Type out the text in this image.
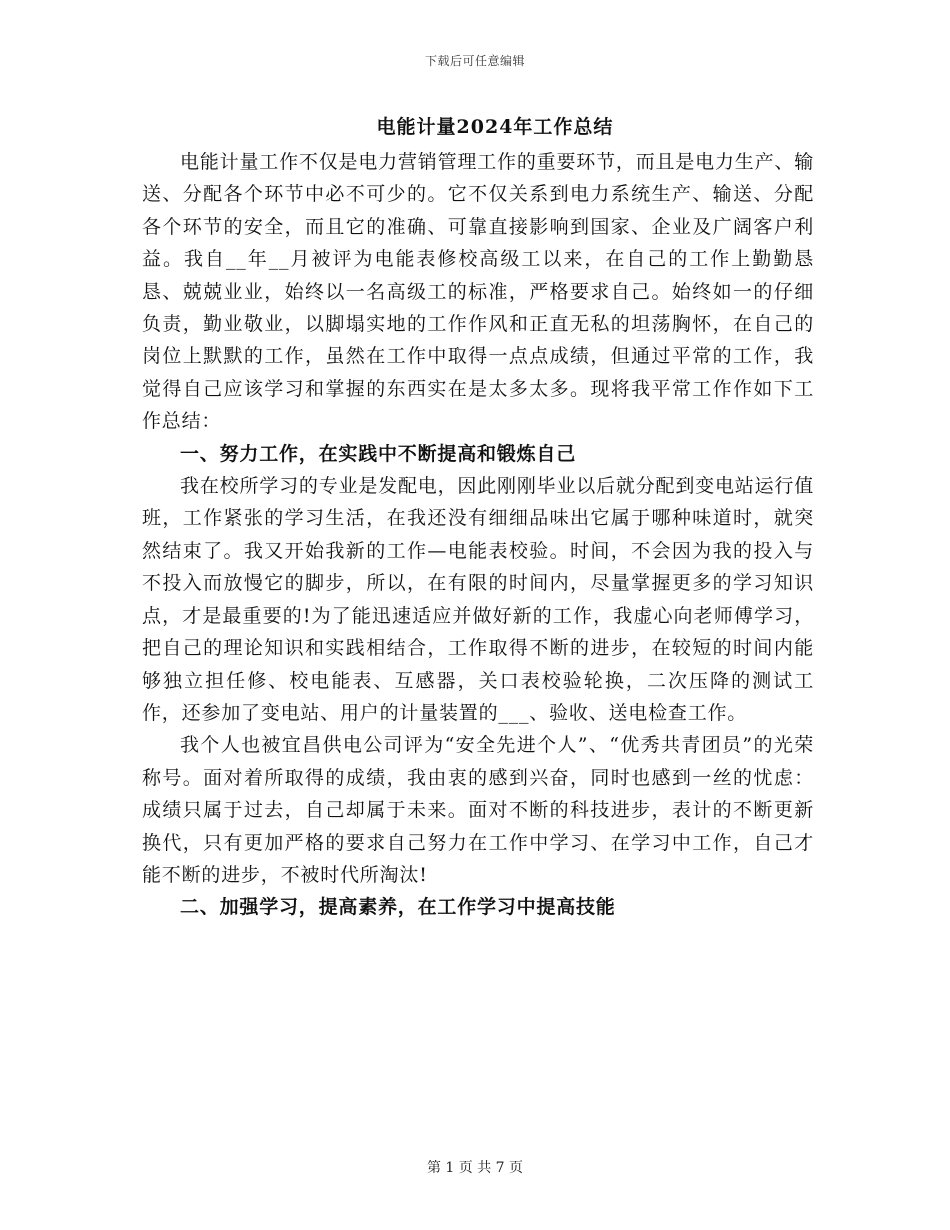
下载后可任意编辑
电能计量2024年工作总结

电能计量工作不仅是电力营销管理工作的重要环节，而且是电力生产、输送、分配各个环节中必不可少的。它不仅关系到电力系统生产、输送、分配各个环节的安全，而且它的准确、可靠直接影响到国家、企业及广阔客户利益。我自__年__月被评为电能表修校高级工以来，在自己的工作上勤勤恳恳、兢兢业业，始终以一名高级工的标准，严格要求自己。始终如一的仔细负责，勤业敬业，以脚塌实地的工作作风和正直无私的坦荡胸怀，在自己的岗位上默默的工作，虽然在工作中取得一点点成绩，但通过平常的工作，我觉得自己应该学习和掌握的东西实在是太多太多。现将我平常工作作如下工作总结：

一、努力工作，在实践中不断提高和锻炼自己

我在校所学习的专业是发配电，因此刚刚毕业以后就分配到变电站运行值班，工作紧张的学习生活，在我还没有细细品味出它属于哪种味道时，就突然结束了。我又开始我新的工作—电能表校验。时间，不会因为我的投入与不投入而放慢它的脚步，所以，在有限的时间内，尽量掌握更多的学习知识点，才是最重要的!为了能迅速适应并做好新的工作，我虚心向老师傅学习，把自己的理论知识和实践相结合，工作取得不断的进步，在较短的时间内能够独立担任修、校电能表、互感器，关口表校验轮换，二次压降的测试工作，还参加了变电站、用户的计量装置的___、验收、送电检查工作。

我个人也被宜昌供电公司评为“安全先进个人”、“优秀共青团员”的光荣称号。面对着所取得的成绩，我由衷的感到兴奋，同时也感到一丝的忧虑：成绩只属于过去，自己却属于未来。面对不断的科技进步，表计的不断更新换代，只有更加严格的要求自己努力在工作中学习、在学习中工作，自己才能不断的进步，不被时代所淘汰!

二、加强学习，提高素养，在工作学习中提高技能

第 1 页 共 7 页
